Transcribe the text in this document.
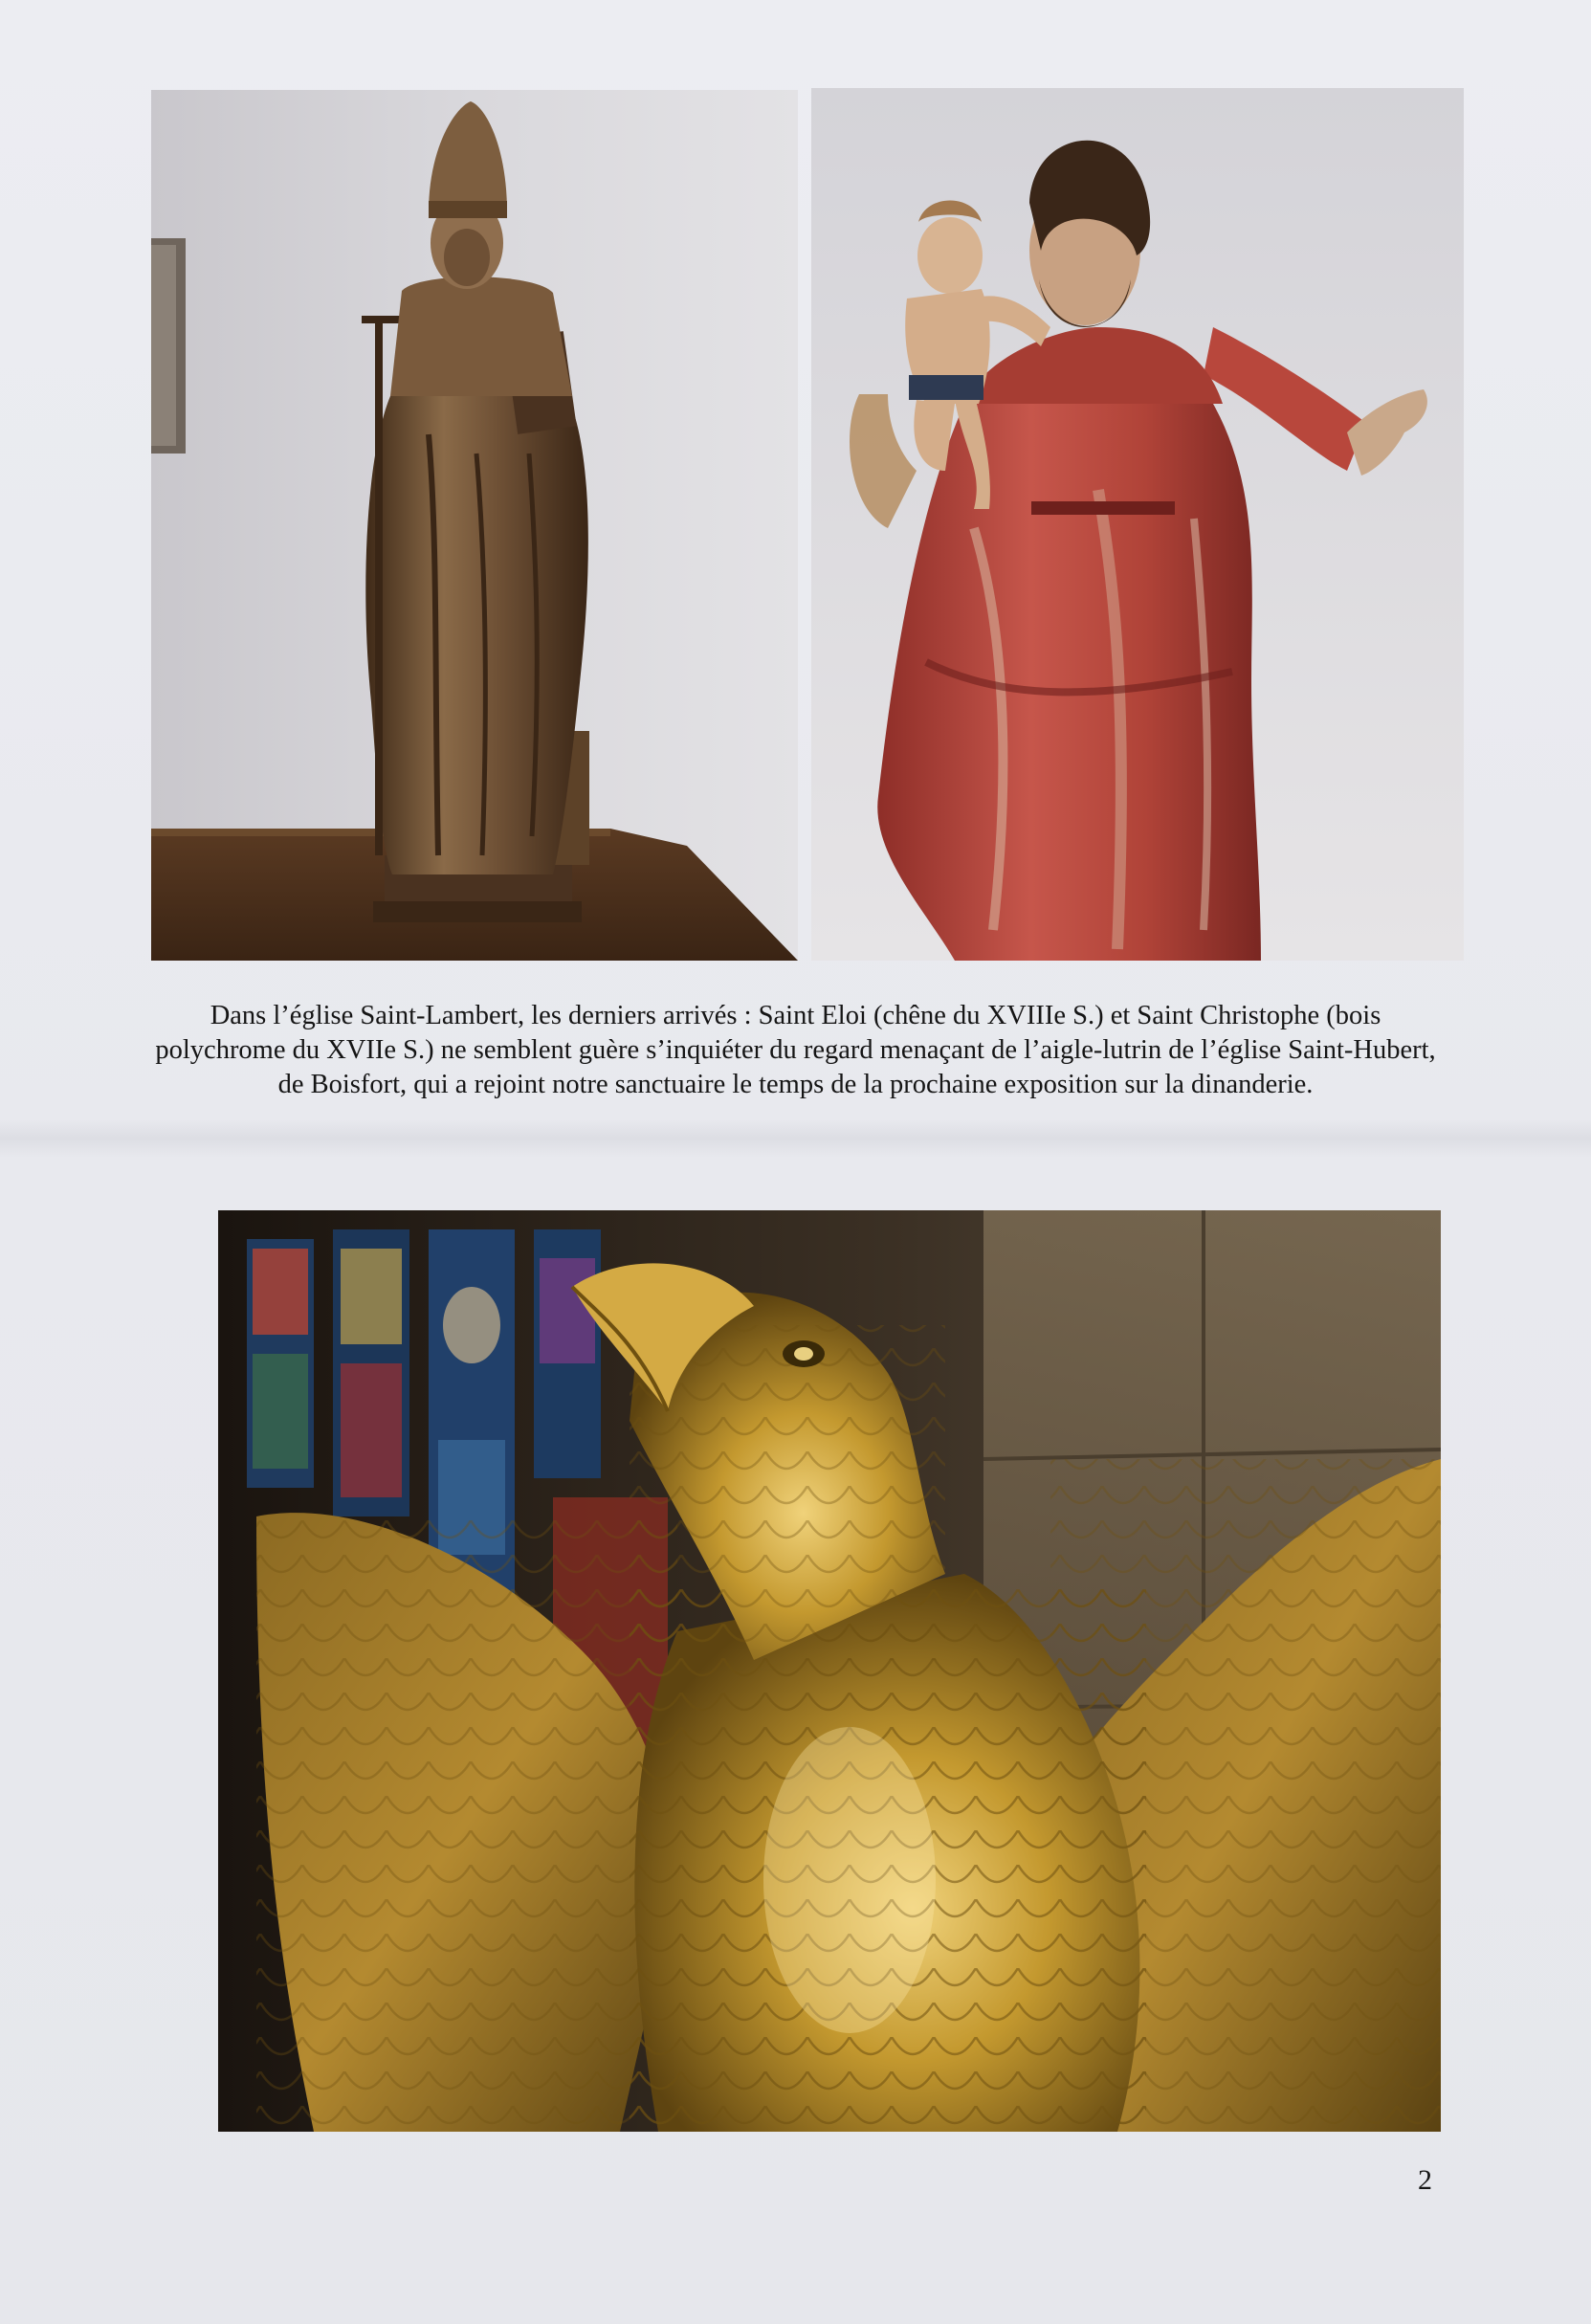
Dans l’église Saint-Lambert, les derniers arrivés : Saint Eloi (chêne du XVIIIe S.) et Saint Christophe (bois polychrome du XVIIe S.) ne semblent guère s’inquiéter du regard menaçant de l’aigle-lutrin de l’église Saint-Hubert, de Boisfort, qui a rejoint notre sanctuaire le temps de la prochaine exposition sur la dinanderie.
2
